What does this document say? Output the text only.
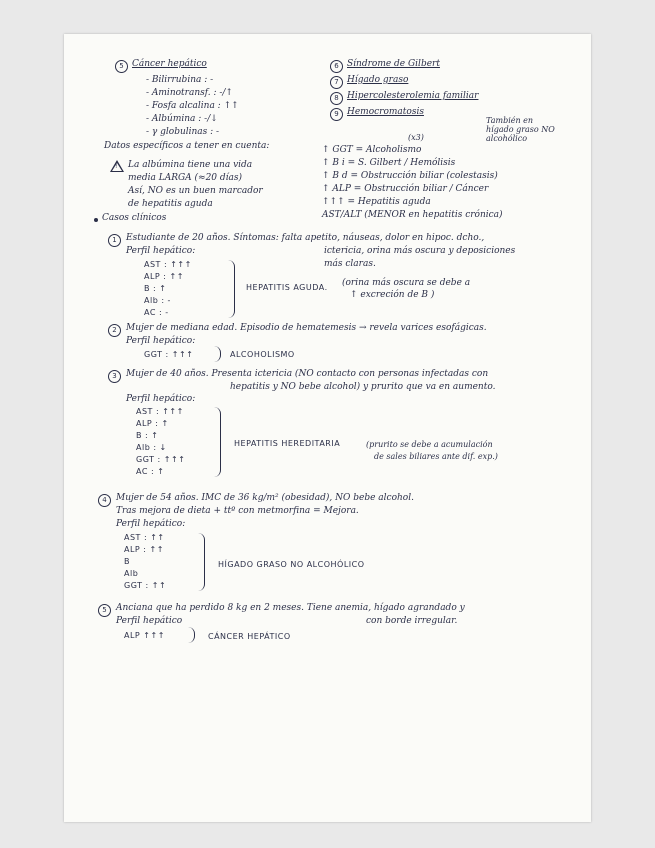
5 Cáncer hepático
- Bilirrubina : -
- Aminotransf. : -/↑
- Fosfa alcalina : ↑↑
- Albúmina : -/↓
- γ globulinas : -
6 Síndrome de Gilbert
7 Hígado graso
8 Hipercolesterolemia familiar
9 Hemocromatosis
Datos específicos a tener en cuenta:
(x3)
También en hígado graso NO alcohólico
↑ GGT = Alcoholismo
↑ B i = S. Gilbert / Hemólisis
↑ B d = Obstrucción biliar (colestasis)
↑ ALP = Obstrucción biliar / Cáncer
↑↑↑ = Hepatitis aguda
AST/ALT (MENOR en hepatitis crónica)
! La albúmina tiene una vida
media LARGA (≈20 días)
Así, NO es un buen marcador
de hepatitis aguda
Casos clínicos
1	Estudiante de 20 años. Síntomas: falta apetito, náuseas, dolor en hipoc. dcho.,
ictericia, orina más oscura y deposiciones
más claras.
Perfil hepático:
AST : ↑↑↑
ALP : ↑↑
B : ↑
Alb : -
AC : -
HEPATITIS AGUDA. (orina más oscura se debe a
↑ excreción de B )
2	Mujer de mediana edad. Episodio de hematemesis → revela varices esofágicas.
Perfil hepático:
GGT : ↑↑↑	ALCOHOLISMO
3	Mujer de 40 años. Presenta ictericia (NO contacto con personas infectadas con
hepatitis y NO bebe alcohol) y prurito que va en aumento.
Perfil hepático:
AST : ↑↑↑
ALP : ↑
B : ↑
Alb : ↓
GGT : ↑↑↑
AC : ↑
HEPATITIS HEREDITARIA	(prurito se debe a acumulación
de sales biliares ante dif. exp.)
4	Mujer de 54 años. IMC de 36 kg/m² (obesidad), NO bebe alcohol.
Tras mejora de dieta + ttº con metmorfina = Mejora.
Perfil hepático:
AST : ↑↑
ALP : ↑↑
B
Alb
GGT : ↑↑
HÍGADO GRASO NO ALCOHÓLICO
5	Anciana que ha perdido 8 kg en 2 meses. Tiene anemia, hígado agrandado y
con borde irregular.
Perfil hepático
ALP ↑↑↑	CÁNCER HEPÁTICO
